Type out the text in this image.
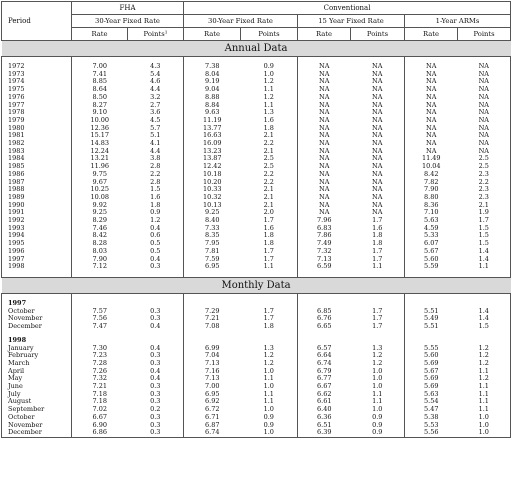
Period	FHA		Conventional					
	30-Year Fixed Rate		30-Year Fixed Rate		15 Year Fixed Rate		1-Year ARMs	
	Rate	Points¹	Rate	Points	Rate	Points	Rate	Points
Annual Data								

1972	7.00	4.3	7.38	0.9	NA	NA	NA	NA
1973	7.41	5.4	8.04	1.0	NA	NA	NA	NA
1974	8.85	4.6	9.19	1.2	NA	NA	NA	NA
1975	8.64	4.4	9.04	1.1	NA	NA	NA	NA
1976	8.50	3.2	8.88	1.2	NA	NA	NA	NA
1977	8.27	2.7	8.84	1.1	NA	NA	NA	NA
1978	9.10	3.6	9.63	1.3	NA	NA	NA	NA
1979	10.00	4.5	11.19	1.6	NA	NA	NA	NA
1980	12.36	5.7	13.77	1.8	NA	NA	NA	NA
1981	15.17	5.1	16.63	2.1	NA	NA	NA	NA
1982	14.83	4.1	16.09	2.2	NA	NA	NA	NA
1983	12.24	4.4	13.23	2.1	NA	NA	NA	NA
1984	13.21	3.8	13.87	2.5	NA	NA	11.49	2.5
1985	11.96	2.8	12.42	2.5	NA	NA	10.04	2.5
1986	9.75	2.2	10.18	2.2	NA	NA	8.42	2.3
1987	9.67	2.8	10.20	2.2	NA	NA	7.82	2.2
1988	10.25	1.5	10.33	2.1	NA	NA	7.90	2.3
1989	10.08	1.6	10.32	2.1	NA	NA	8.80	2.3
1990	9.92	1.8	10.13	2.1	NA	NA	8.36	2.1
1991	9.25	0.9	9.25	2.0	NA	NA	7.10	1.9
1992	8.29	1.2	8.40	1.7	7.96	1.7	5.63	1.7
1993	7.46	0.4	7.33	1.6	6.83	1.6	4.59	1.5
1994	8.42	0.6	8.35	1.8	7.86	1.8	5.33	1.5
1995	8.28	0.5	7.95	1.8	7.49	1.8	6.07	1.5
1996	8.03	0.5	7.81	1.7	7.32	1.7	5.67	1.4
1997	7.90	0.4	7.59	1.7	7.13	1.7	5.60	1.4
1998	7.12	0.3	6.95	1.1	6.59	1.1	5.59	1.1

Monthly Data								

1997								
October	7.57	0.3	7.29	1.7	6.85	1.7	5.51	1.4
November	7.56	0.3	7.21	1.7	6.76	1.7	5.49	1.4
December	7.47	0.4	7.08	1.8	6.65	1.7	5.51	1.5

1998								
January	7.30	0.4	6.99	1.3	6.57	1.3	5.55	1.2
February	7.23	0.3	7.04	1.2	6.64	1.2	5.60	1.2
March	7.28	0.3	7.13	1.2	6.74	1.2	5.69	1.2
April	7.26	0.4	7.16	1.0	6.79	1.0	5.67	1.1
May	7.32	0.4	7.13	1.1	6.77	1.0	5.69	1.2
June	7.21	0.3	7.00	1.0	6.67	1.0	5.69	1.1
July	7.18	0.3	6.95	1.1	6.62	1.1	5.63	1.1
August	7.18	0.3	6.92	1.1	6.61	1.1	5.54	1.1
September	7.02	0.2	6.72	1.0	6.40	1.0	5.47	1.1
October	6.67	0.3	6.71	0.9	6.36	0.9	5.38	1.0
November	6.90	0.3	6.87	0.9	6.51	0.9	5.53	1.0
December	6.86	0.3	6.74	1.0	6.39	0.9	5.56	1.0
